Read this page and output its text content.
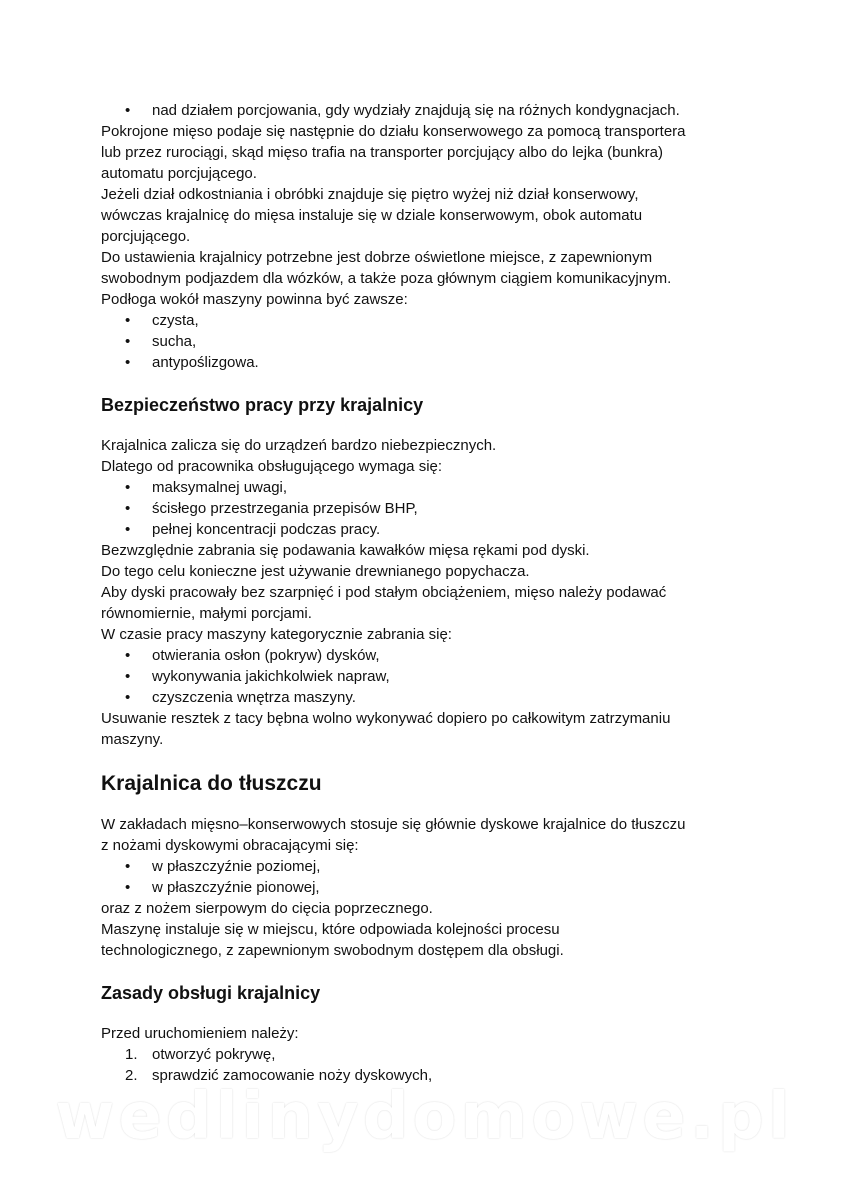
• nad działem porcjowania, gdy wydziały znajdują się na różnych kondygnacjach.
Pokrojone mięso podaje się następnie do działu konserwowego za pomocą transportera
lub przez rurociągi, skąd mięso trafia na transporter porcjujący albo do lejka (bunkra)
automatu porcjującego.
Jeżeli dział odkostniania i obróbki znajduje się piętro wyżej niż dział konserwowy,
wówczas krajalnicę do mięsa instaluje się w dziale konserwowym, obok automatu
porcjującego.
Do ustawienia krajalnicy potrzebne jest dobrze oświetlone miejsce, z zapewnionym
swobodnym podjazdem dla wózków, a także poza głównym ciągiem komunikacyjnym.
Podłoga wokół maszyny powinna być zawsze:
• czysta,
• sucha,
• antypoślizgowa.
Bezpieczeństwo pracy przy krajalnicy
Krajalnica zalicza się do urządzeń bardzo niebezpiecznych.
Dlatego od pracownika obsługującego wymaga się:
• maksymalnej uwagi,
• ścisłego przestrzegania przepisów BHP,
• pełnej koncentracji podczas pracy.
Bezwzględnie zabrania się podawania kawałków mięsa rękami pod dyski.
Do tego celu konieczne jest używanie drewnianego popychacza.
Aby dyski pracowały bez szarpnięć i pod stałym obciążeniem, mięso należy podawać
równomiernie, małymi porcjami.
W czasie pracy maszyny kategorycznie zabrania się:
• otwierania osłon (pokryw) dysków,
• wykonywania jakichkolwiek napraw,
• czyszczenia wnętrza maszyny.
Usuwanie resztek z tacy bębna wolno wykonywać dopiero po całkowitym zatrzymaniu
maszyny.
Krajalnica do tłuszczu
W zakładach mięsno–konserwowych stosuje się głównie dyskowe krajalnice do tłuszczu
z nożami dyskowymi obracającymi się:
• w płaszczyźnie poziomej,
• w płaszczyźnie pionowej,
oraz z nożem sierpowym do cięcia poprzecznego.
Maszynę instaluje się w miejscu, które odpowiada kolejności procesu
technologicznego, z zapewnionym swobodnym dostępem dla obsługi.
Zasady obsługi krajalnicy
Przed uruchomieniem należy:
1. otworzyć pokrywę,
2. sprawdzić zamocowanie noży dyskowych,
wedlinydomowe.pl
